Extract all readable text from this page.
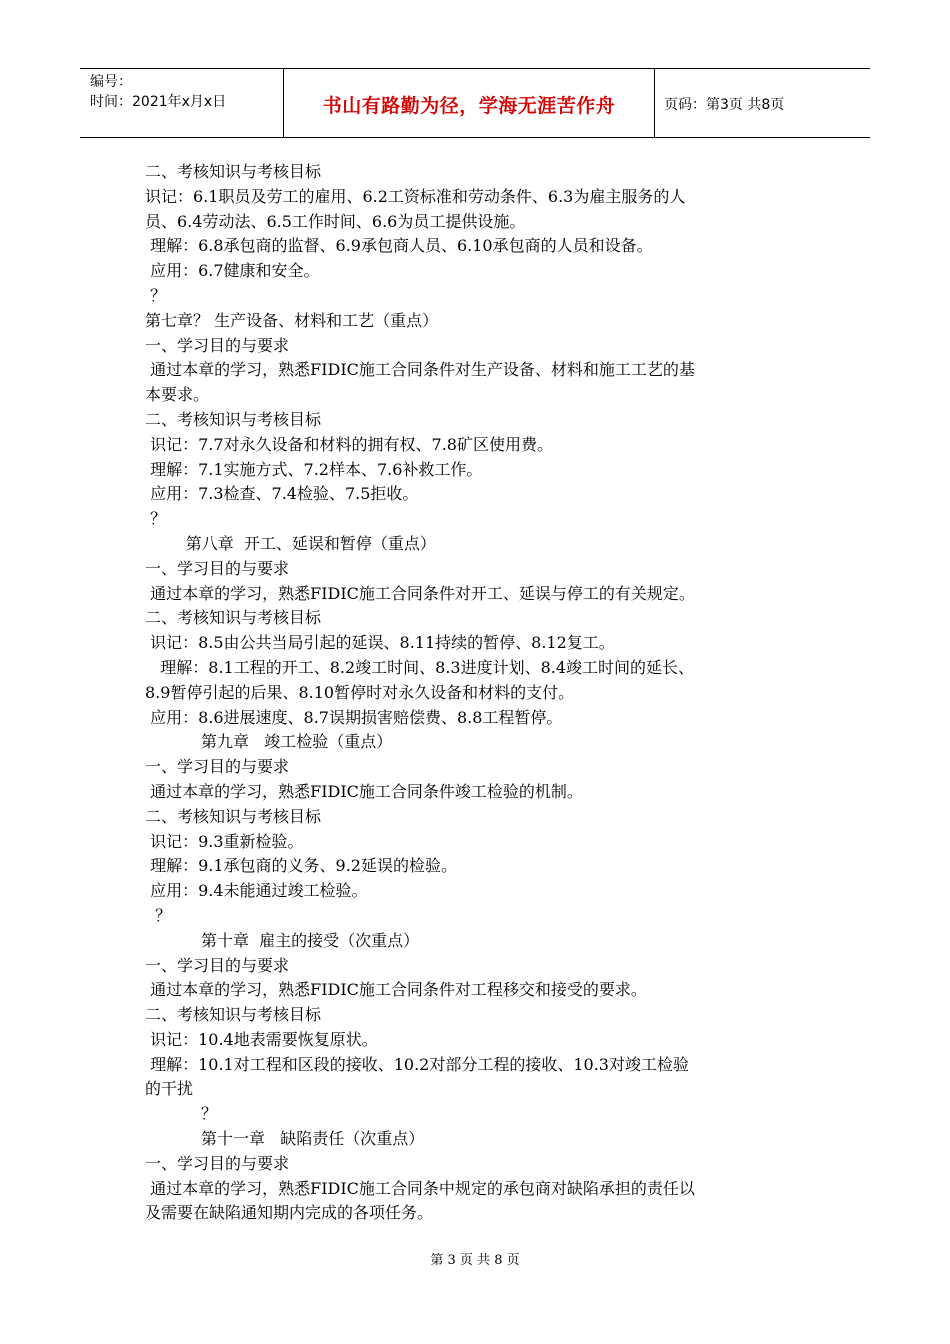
编号：
时间：2021年x月x日	书山有路勤为径，学海无涯苦作舟	页码：第3页 共8页
二、考核知识与考核目标
识记：6.1职员及劳工的雇用、6.2工资标准和劳动条件、6.3为雇主服务的人
员、6.4劳动法、6.5工作时间、6.6为员工提供设施。
理解：6.8承包商的监督、6.9承包商人员、6.10承包商的人员和设备。
应用：6.7健康和安全。
？
第七章？ 生产设备、材料和工艺（重点）
一、学习目的与要求
通过本章的学习，熟悉FIDIC施工合同条件对生产设备、材料和施工工艺的基
本要求。
二、考核知识与考核目标
识记：7.7对永久设备和材料的拥有权、7.8矿区使用费。
理解：7.1实施方式、7.2样本、7.6补救工作。
应用：7.3检查、7.4检验、7.5拒收。
？
第八章  开工、延误和暂停（重点）
一、学习目的与要求
通过本章的学习，熟悉FIDIC施工合同条件对开工、延误与停工的有关规定。
二、考核知识与考核目标
识记：8.5由公共当局引起的延误、8.11持续的暂停、8.12复工。
理解：8.1工程的开工、8.2竣工时间、8.3进度计划、8.4竣工时间的延长、
8.9暂停引起的后果、8.10暂停时对永久设备和材料的支付。
应用：8.6进展速度、8.7误期损害赔偿费、8.8工程暂停。
第九章   竣工检验（重点）
一、学习目的与要求
通过本章的学习，熟悉FIDIC施工合同条件竣工检验的机制。
二、考核知识与考核目标
识记：9.3重新检验。
理解：9.1承包商的义务、9.2延误的检验。
应用：9.4未能通过竣工检验。
？
第十章  雇主的接受（次重点）
一、学习目的与要求
通过本章的学习，熟悉FIDIC施工合同条件对工程移交和接受的要求。
二、考核知识与考核目标
识记：10.4地表需要恢复原状。
理解：10.1对工程和区段的接收、10.2对部分工程的接收、10.3对竣工检验
的干扰
？
第十一章   缺陷责任（次重点）
一、学习目的与要求
通过本章的学习，熟悉FIDIC施工合同条中规定的承包商对缺陷承担的责任以
及需要在缺陷通知期内完成的各项任务。
第 3 页 共 8 页
